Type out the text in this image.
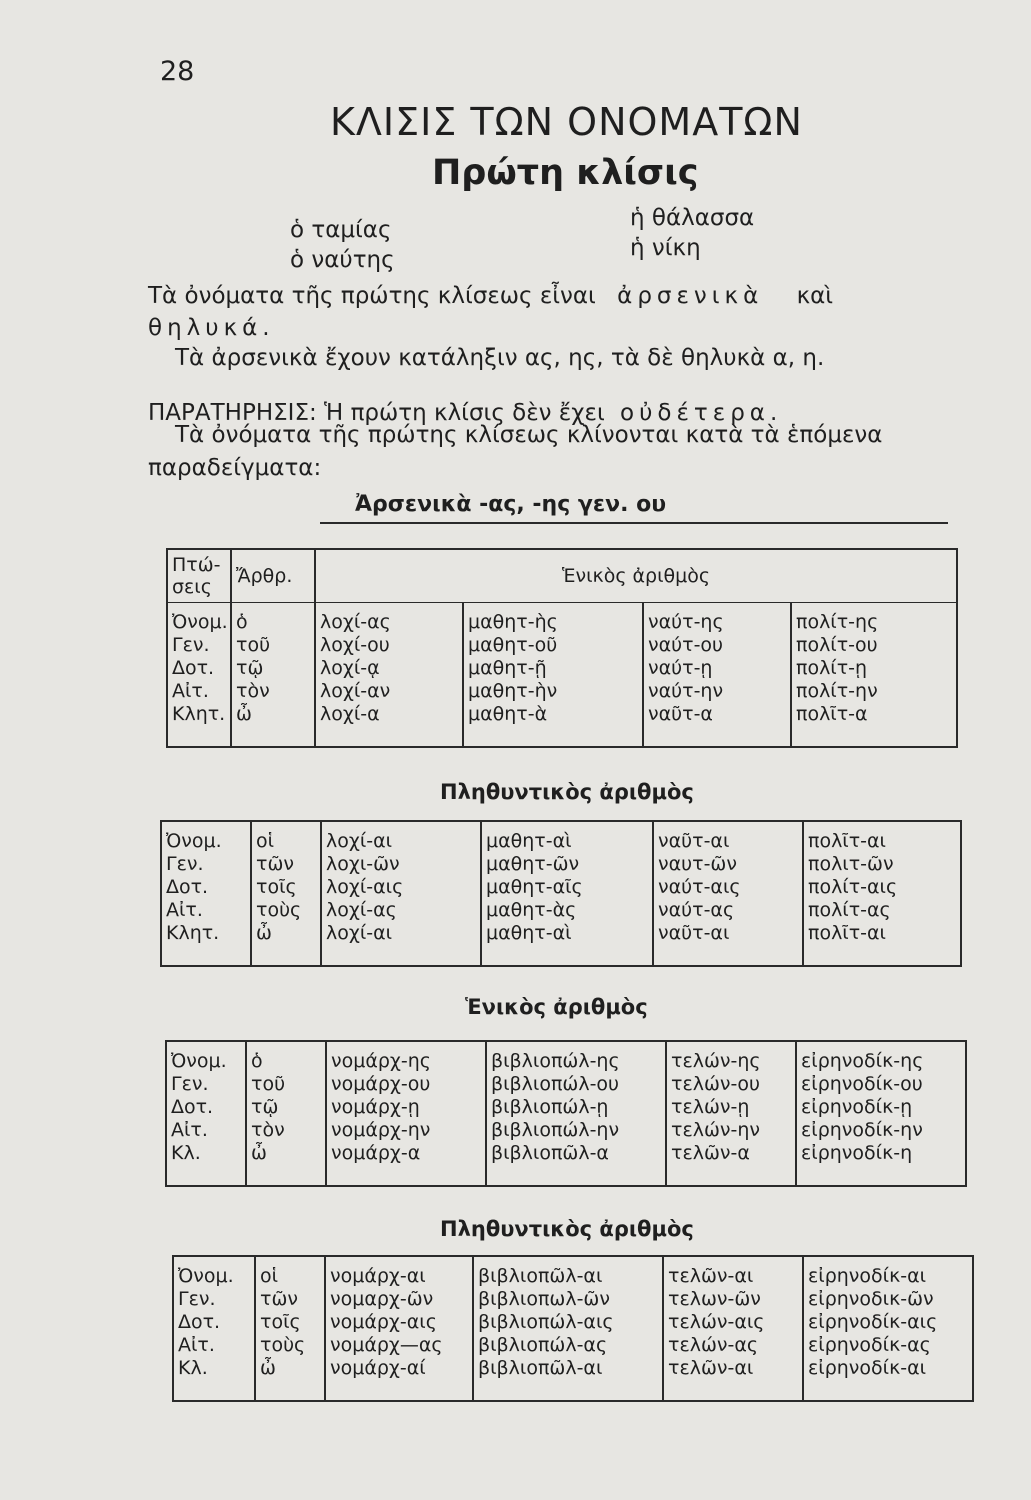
28
ΚΛΙΣΙΣ ΤΩΝ ΟΝΟΜΑΤΩΝ
Πρώτη κλίσις
ὁ ταμίας
ὁ ναύτης
ἡ θάλασσα
ἡ νίκη
Τὰ ὀνόματα τῆς πρώτης κλίσεως εἶναι ἀρσενικὰ καὶ
θηλυκά.
Τὰ ἀρσενικὰ ἔχουν κατάληξιν ας, ης, τὰ δὲ θηλυκὰ α, η.
ΠΑΡΑΤΗΡΗΣΙΣ: Ἡ πρώτη κλίσις δὲν ἔχει οὐδέτερα.
Τὰ ὀνόματα τῆς πρώτης κλίσεως κλίνονται κατὰ τὰ ἑπόμενα
παραδείγματα:
Ἀρσενικὰ -ας, -ης γεν. ου
Πτώ- σεις	Ἄρθρ.	Ἑνικὸς ἀριθμὸς			
Ὀνομ.	ὁ	λοχί-ας	μαθητ-ὴς	ναύτ-ης	πολίτ-ης
Γεν.	τοῦ	λοχί-ου	μαθητ-οῦ	ναύτ-ου	πολίτ-ου
Δοτ.	τῷ	λοχί-ᾳ	μαθητ-ῇ	ναύτ-ῃ	πολίτ-ῃ
Αἰτ.	τὸν	λοχί-αν	μαθητ-ὴν	ναύτ-ην	πολίτ-ην
Κλητ.	ὦ	λοχί-α	μαθητ-ὰ	ναῦτ-α	πολῖτ-α
Πληθυντικὸς ἀριθμὸς
Ὀνομ.	οἱ	λοχί-αι	μαθητ-αὶ	ναῦτ-αι	πολῖτ-αι
Γεν.	τῶν	λοχι-ῶν	μαθητ-ῶν	ναυτ-ῶν	πολιτ-ῶν
Δοτ.	τοῖς	λοχί-αις	μαθητ-αῖς	ναύτ-αις	πολίτ-αις
Αἰτ.	τοὺς	λοχί-ας	μαθητ-ὰς	ναύτ-ας	πολίτ-ας
Κλητ.	ὦ	λοχί-αι	μαθητ-αὶ	ναῦτ-αι	πολῖτ-αι
Ἑνικὸς ἀριθμὸς
Ὀνομ.	ὁ	νομάρχ-ης	βιβλιοπώλ-ης	τελών-ης	εἰρηνοδίκ-ης
Γεν.	τοῦ	νομάρχ-ου	βιβλιοπώλ-ου	τελών-ου	εἰρηνοδίκ-ου
Δοτ.	τῷ	νομάρχ-ῃ	βιβλιοπώλ-ῃ	τελών-ῃ	εἰρηνοδίκ-ῃ
Αἰτ.	τὸν	νομάρχ-ην	βιβλιοπώλ-ην	τελών-ην	εἰρηνοδίκ-ην
Κλ.	ὦ	νομάρχ-α	βιβλιοπῶλ-α	τελῶν-α	εἰρηνοδίκ-η
Πληθυντικὸς ἀριθμὸς
Ὀνομ.	οἱ	νομάρχ-αι	βιβλιοπῶλ-αι	τελῶν-αι	εἰρηνοδίκ-αι
Γεν.	τῶν	νομαρχ-ῶν	βιβλιοπωλ-ῶν	τελων-ῶν	εἰρηνοδικ-ῶν
Δοτ.	τοῖς	νομάρχ-αις	βιβλιοπώλ-αις	τελών-αις	εἰρηνοδίκ-αις
Αἰτ.	τοὺς	νομάρχ—ας	βιβλιοπώλ-ας	τελών-ας	εἰρηνοδίκ-ας
Κλ.	ὦ	νομάρχ-αί	βιβλιοπῶλ-αι	τελῶν-αι	εἰρηνοδίκ-αι
